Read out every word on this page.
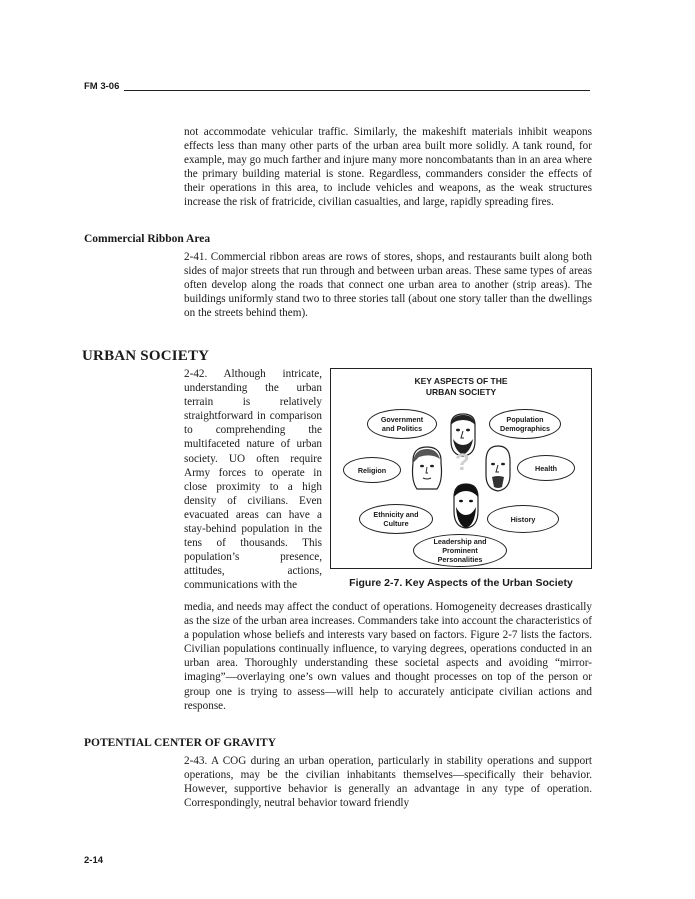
FM 3-06

not accommodate vehicular traffic. Similarly, the makeshift materials inhibit weapons effects less than many other parts of the urban area built more solidly. A tank round, for example, may go much farther and injure many more noncombatants than in an area where the primary building material is stone. Regardless, commanders consider the effects of their operations in this area, to include vehicles and weapons, as the weak structures increase the risk of fratricide, civilian casualties, and large, rapidly spreading fires.

Commercial Ribbon Area

2-41. Commercial ribbon areas are rows of stores, shops, and restaurants built along both sides of major streets that run through and between urban areas. These same types of areas often develop along the roads that connect one urban area to another (strip areas). The buildings uniformly stand two to three stories tall (about one story taller than the dwellings on the streets behind them).

URBAN SOCIETY

2-42. Although intricate, understanding the urban terrain is relatively straightforward in comparison to comprehending the multifaceted nature of urban society. UO often require Army forces to operate in close proximity to a high density of civilians. Even evacuated areas can have a stay-behind population in the tens of thousands. This population’s presence, attitudes, actions, communications with the

KEY ASPECTS OF THE
URBAN SOCIETY
?
Government
and Politics
Population
Demographics
Religion	Health
Ethnicity and
Culture	History
Leadership and
Prominent
Personalities
Figure 2-7. Key Aspects of the Urban Society

media, and needs may affect the conduct of operations. Homogeneity decreases drastically as the size of the urban area increases. Commanders take into account the characteristics of a population whose beliefs and interests vary based on factors. Figure 2-7 lists the factors. Civilian populations continually influence, to varying degrees, operations conducted in an urban area. Thoroughly understanding these societal aspects and avoiding “mirror-imaging”—overlaying one’s own values and thought processes on top of the person or group one is trying to assess—will help to accurately anticipate civilian actions and response.

POTENTIAL CENTER OF GRAVITY

2-43. A COG during an urban operation, particularly in stability operations and support operations, may be the civilian inhabitants themselves—specifically their behavior. However, supportive behavior is generally an advantage in any type of operation. Correspondingly, neutral behavior toward friendly

2-14
